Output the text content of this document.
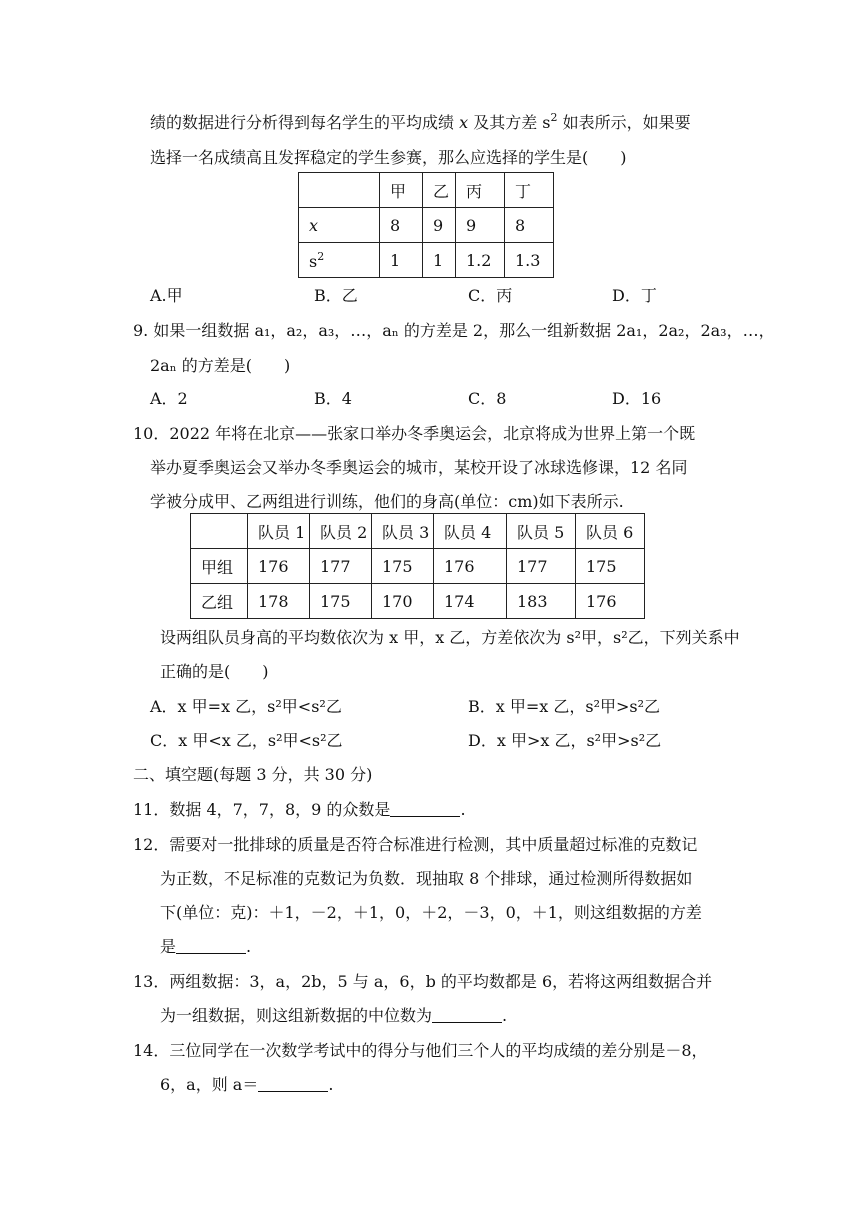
绩的数据进行分析得到每名学生的平均成绩 x 及其方差 $s^2$ 如表所示，如果要
选择一名成绩高且发挥稳定的学生参赛，那么应选择的学生是(　　)
	甲	乙	丙	丁
x	8	9	9	8
$s^2$	1	1	1.2	1.3
A.甲	B．乙	C．丙	D．丁
9. 如果一组数据 a₁，a₂，a₃，…，aₙ 的方差是 2，那么一组新数据 2a₁，2a₂，2a₃，…，
2aₙ 的方差是(　　)
A．2	B．4	C．8	D．16
10．2022 年将在北京——张家口举办冬季奥运会，北京将成为世界上第一个既
举办夏季奥运会又举办冬季奥运会的城市，某校开设了冰球选修课，12 名同
学被分成甲、乙两组进行训练，他们的身高(单位：cm)如下表所示.
	队员 1	队员 2	队员 3	队员 4	队员 5	队员 6
甲组	176	177	175	176	177	175
乙组	178	175	170	174	183	176
设两组队员身高的平均数依次为 x 甲，x 乙，方差依次为 s²甲，s²乙，下列关系中
正确的是(　　)
A．x 甲=x 乙，s²甲<s²乙	B．x 甲=x 乙，s²甲>s²乙
C．x 甲<x 乙，s²甲<s²乙	D．x 甲>x 乙，s²甲>s²乙
二、填空题(每题 3 分，共 30 分)
11．数据 4，7，7，8，9 的众数是	.
12．需要对一批排球的质量是否符合标准进行检测，其中质量超过标准的克数记
为正数，不足标准的克数记为负数．现抽取 8 个排球，通过检测所得数据如
下(单位：克)：＋1，－2，＋1，0，＋2，－3，0，＋1，则这组数据的方差
是	.
13．两组数据：3，a，2b，5 与 a，6，b 的平均数都是 6，若将这两组数据合并
为一组数据，则这组新数据的中位数为	.
14．三位同学在一次数学考试中的得分与他们三个人的平均成绩的差分别是－8，
6，a，则 a＝	.
